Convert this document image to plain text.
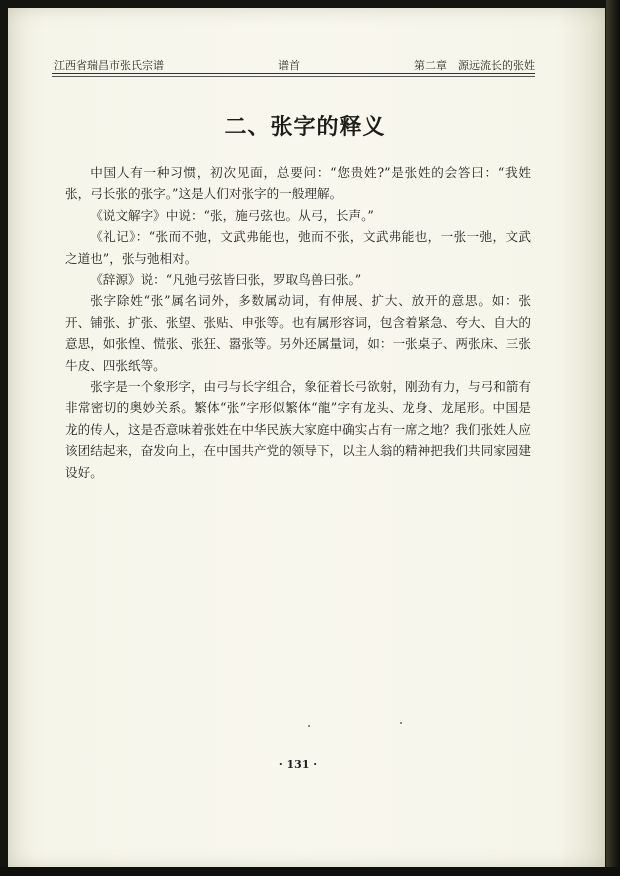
江西省瑞昌市张氏宗谱	谱首	第二章　源远流长的张姓
二、张字的释义

中国人有一种习惯，初次见面，总要问：“您贵姓?”是张姓的会答曰：“我姓张，弓长张的张字。”这是人们对张字的一般理解。

《说文解字》中说：“张，施弓弦也。从弓，长声。”

《礼记》：“张而不弛，文武弗能也，弛而不张，文武弗能也，一张一弛，文武之道也”，张与弛相对。

《辞源》说：“凡弛弓弦皆曰张，罗取鸟兽曰张。”

张字除姓“张”属名词外，多数属动词，有伸展、扩大、放开的意思。如：张开、铺张、扩张、张望、张贴、申张等。也有属形容词，包含着紧急、夸大、自大的意思，如张惶、慌张、张狂、嚣张等。另外还属量词，如：一张桌子、两张床、三张牛皮、四张纸等。

张字是一个象形字，由弓与长字组合，象征着长弓欲射，刚劲有力，与弓和箭有非常密切的奥妙关系。繁体“张”字形似繁体“龍”字有龙头、龙身、龙尾形。中国是龙的传人，这是否意味着张姓在中华民族大家庭中确实占有一席之地？我们张姓人应该团结起来，奋发向上，在中国共产党的领导下，以主人翁的精神把我们共同家园建设好。

· 131 ·
